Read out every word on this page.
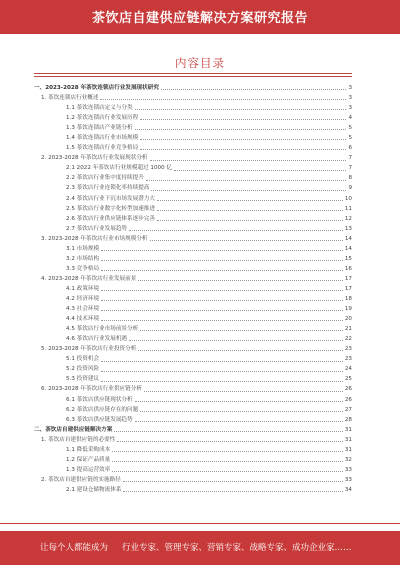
茶饮店自建供应链解决方案研究报告
内容目录
一、2023-2028 年茶饮连锁店行业发展现状研究	3
1. 茶饮连锁店行业概述	3
1.1 茶饮连锁店定义与分类	3
1.2 茶饮连锁店行业发展历程	4
1.3 茶饮连锁店产业链分析	5
1.4 茶饮连锁店行业市场规模	5
1.5 茶饮连锁店行业竞争格局	6
2. 2023-2028 年茶饮店行业发展现状分析	7
2.1 2022 年茶饮店行业规模超过 1000 亿	7
2.2 茶饮店行业集中度持续提升	8
2.3 茶饮店行业连锁化率持续提高	9
2.4 茶饮店行业下沉市场发展潜力大	10
2.5 茶饮店行业数字化转型加速推进	11
2.6 茶饮店行业供应链体系逐步完善	12
2.7 茶饮店行业发展趋势	13
3. 2023-2028 年茶饮店行业市场规模分析	14
3.1 市场规模	14
3.2 市场结构	15
3.3 竞争格局	16
4. 2023-2028 年茶饮店行业发展前景	17
4.1 政策环境	17
4.2 经济环境	18
4.3 社会环境	19
4.4 技术环境	20
4.5 茶饮店行业市场前景分析	21
4.6 茶饮店行业发展机遇	22
5. 2023-2028 年茶饮店行业投资分析	23
5.1 投资机会	23
5.2 投资风险	24
5.3 投资建议	25
6. 2023-2028 年茶饮店行业供应链分析	26
6.1 茶饮店供应链现状分析	26
6.2 茶饮店供应链存在的问题	27
6.3 茶饮店供应链发展趋势	28
二、茶饮店自建供应链解决方案	31
1. 茶饮店自建供应链的必要性	31
1.1 降低采购成本	31
1.2 保证产品质量	32
1.3 提高运营效率	33
2. 茶饮店自建供应链的实施路径	33
2.1 建设仓储物流体系	34
让每个人都能成为 行业专家、管理专家、营销专家、战略专家、成功企业家……
